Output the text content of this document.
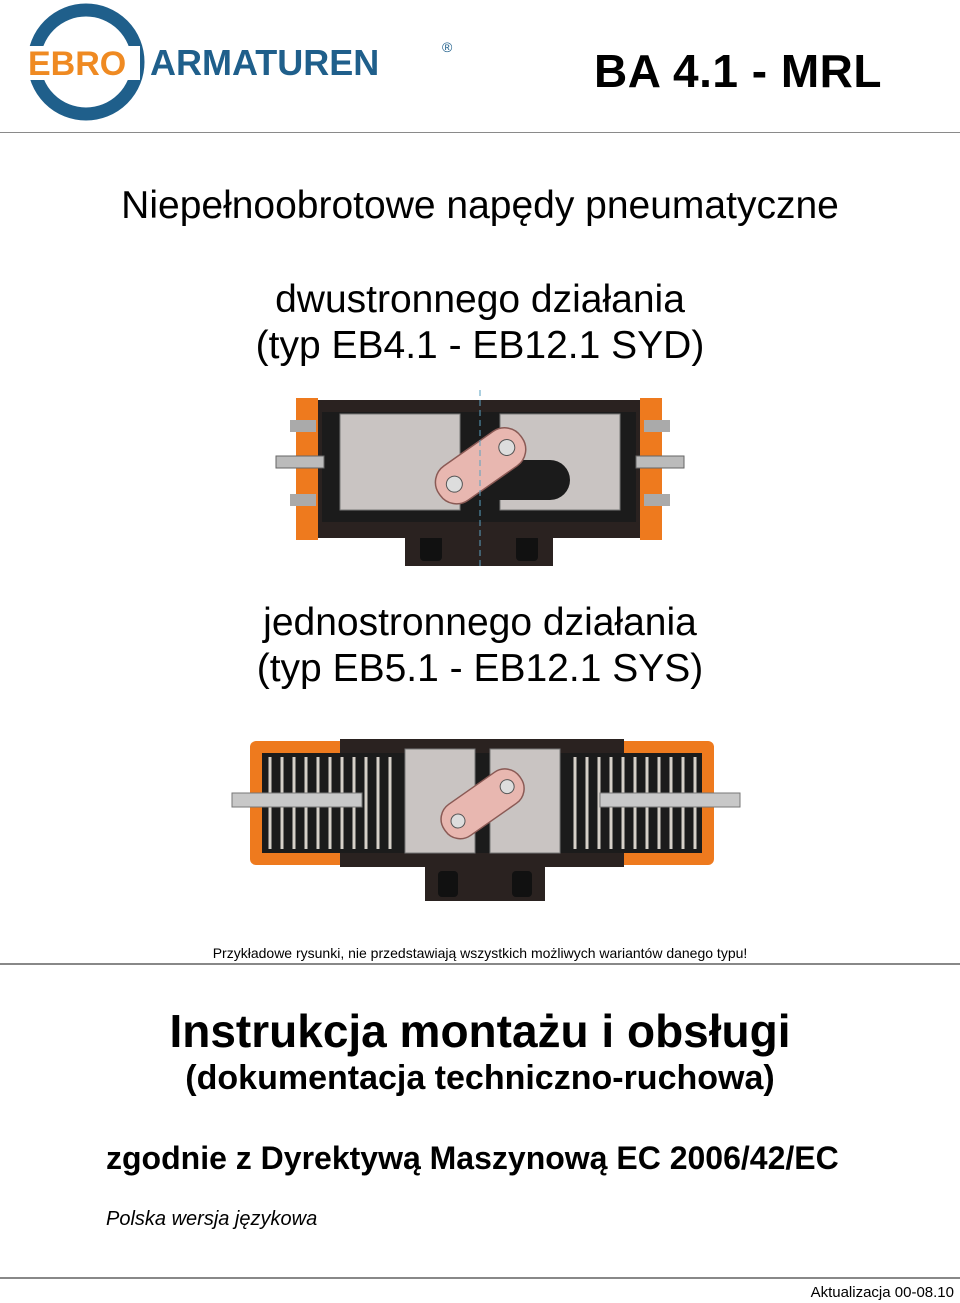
EBRO ARMATUREN	®	BA 4.1 - MRL
Niepełnoobrotowe napędy pneumatyczne
dwustronnego działania
(typ EB4.1 - EB12.1 SYD)
jednostronnego działania
(typ EB5.1 - EB12.1 SYS)
Przykładowe rysunki, nie przedstawiają wszystkich możliwych wariantów danego typu!
Instrukcja montażu i obsługi
(dokumentacja techniczno-ruchowa)
zgodnie z Dyrektywą Maszynową EC 2006/42/EC
Polska wersja językowa
Aktualizacja 00-08.10
